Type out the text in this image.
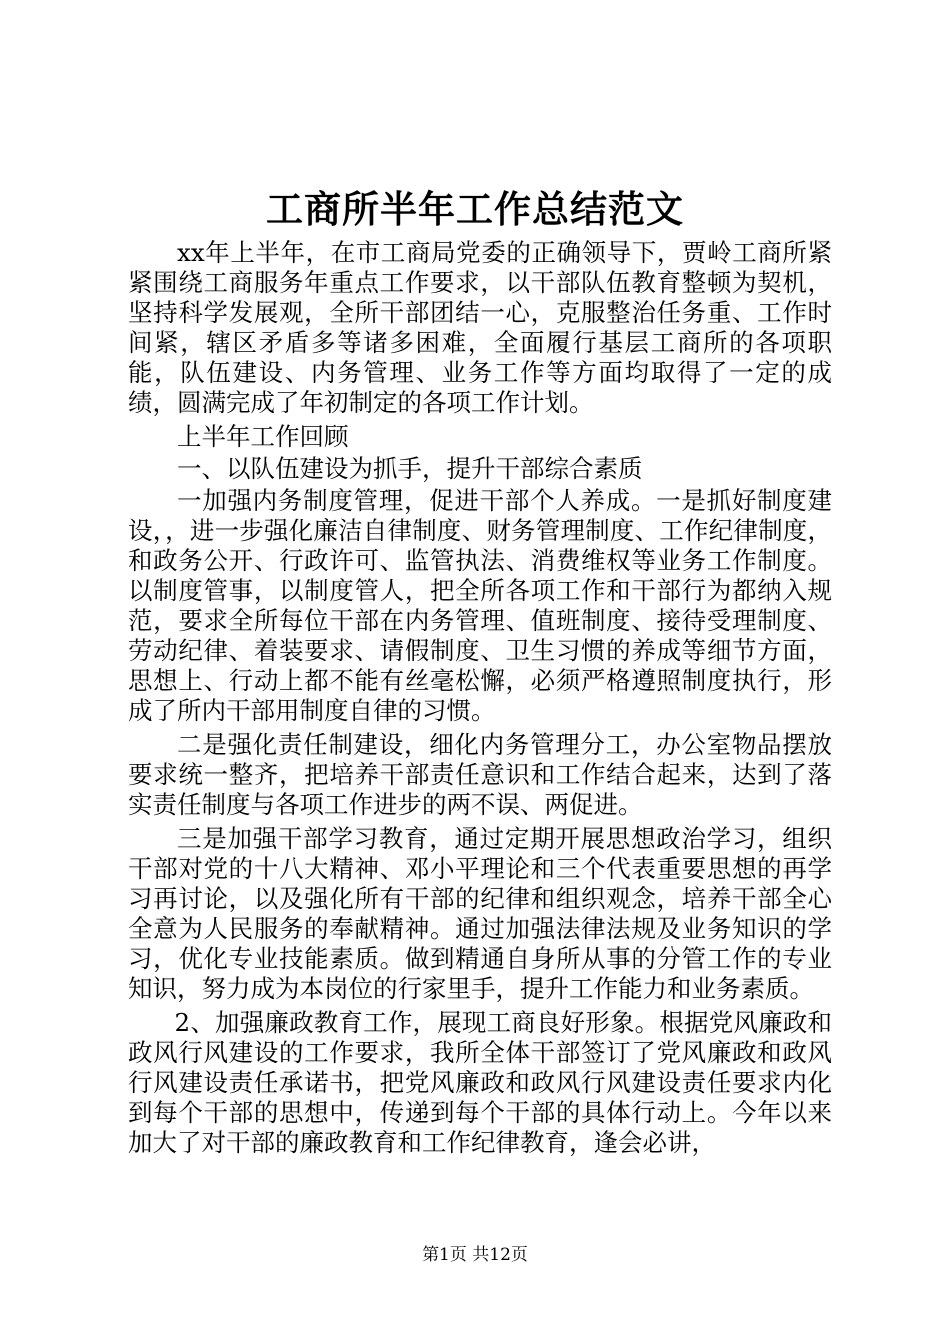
工商所半年工作总结范文

xx年上半年，在市工商局党委的正确领导下，贾岭工商所紧紧围绕工商服务年重点工作要求，以干部队伍教育整顿为契机，坚持科学发展观，全所干部团结一心，克服整治任务重、工作时间紧，辖区矛盾多等诸多困难，全面履行基层工商所的各项职能，队伍建设、内务管理、业务工作等方面均取得了一定的成绩，圆满完成了年初制定的各项工作计划。

上半年工作回顾

一、以队伍建设为抓手，提升干部综合素质

一加强内务制度管理，促进干部个人养成。一是抓好制度建设，，进一步强化廉洁自律制度、财务管理制度、工作纪律制度，和政务公开、行政许可、监管执法、消费维权等业务工作制度。以制度管事，以制度管人，把全所各项工作和干部行为都纳入规范，要求全所每位干部在内务管理、值班制度、接待受理制度、劳动纪律、着装要求、请假制度、卫生习惯的养成等细节方面，思想上、行动上都不能有丝毫松懈，必须严格遵照制度执行，形成了所内干部用制度自律的习惯。

二是强化责任制建设，细化内务管理分工，办公室物品摆放要求统一整齐，把培养干部责任意识和工作结合起来，达到了落实责任制度与各项工作进步的两不误、两促进。

三是加强干部学习教育，通过定期开展思想政治学习，组织干部对党的十八大精神、邓小平理论和三个代表重要思想的再学习再讨论，以及强化所有干部的纪律和组织观念，培养干部全心全意为人民服务的奉献精神。通过加强法律法规及业务知识的学习，优化专业技能素质。做到精通自身所从事的分管工作的专业知识，努力成为本岗位的行家里手，提升工作能力和业务素质。

2、加强廉政教育工作，展现工商良好形象。根据党风廉政和政风行风建设的工作要求，我所全体干部签订了党风廉政和政风行风建设责任承诺书，把党风廉政和政风行风建设责任要求内化到每个干部的思想中，传递到每个干部的具体行动上。今年以来加大了对干部的廉政教育和工作纪律教育，逢会必讲，

第1页 共12页
